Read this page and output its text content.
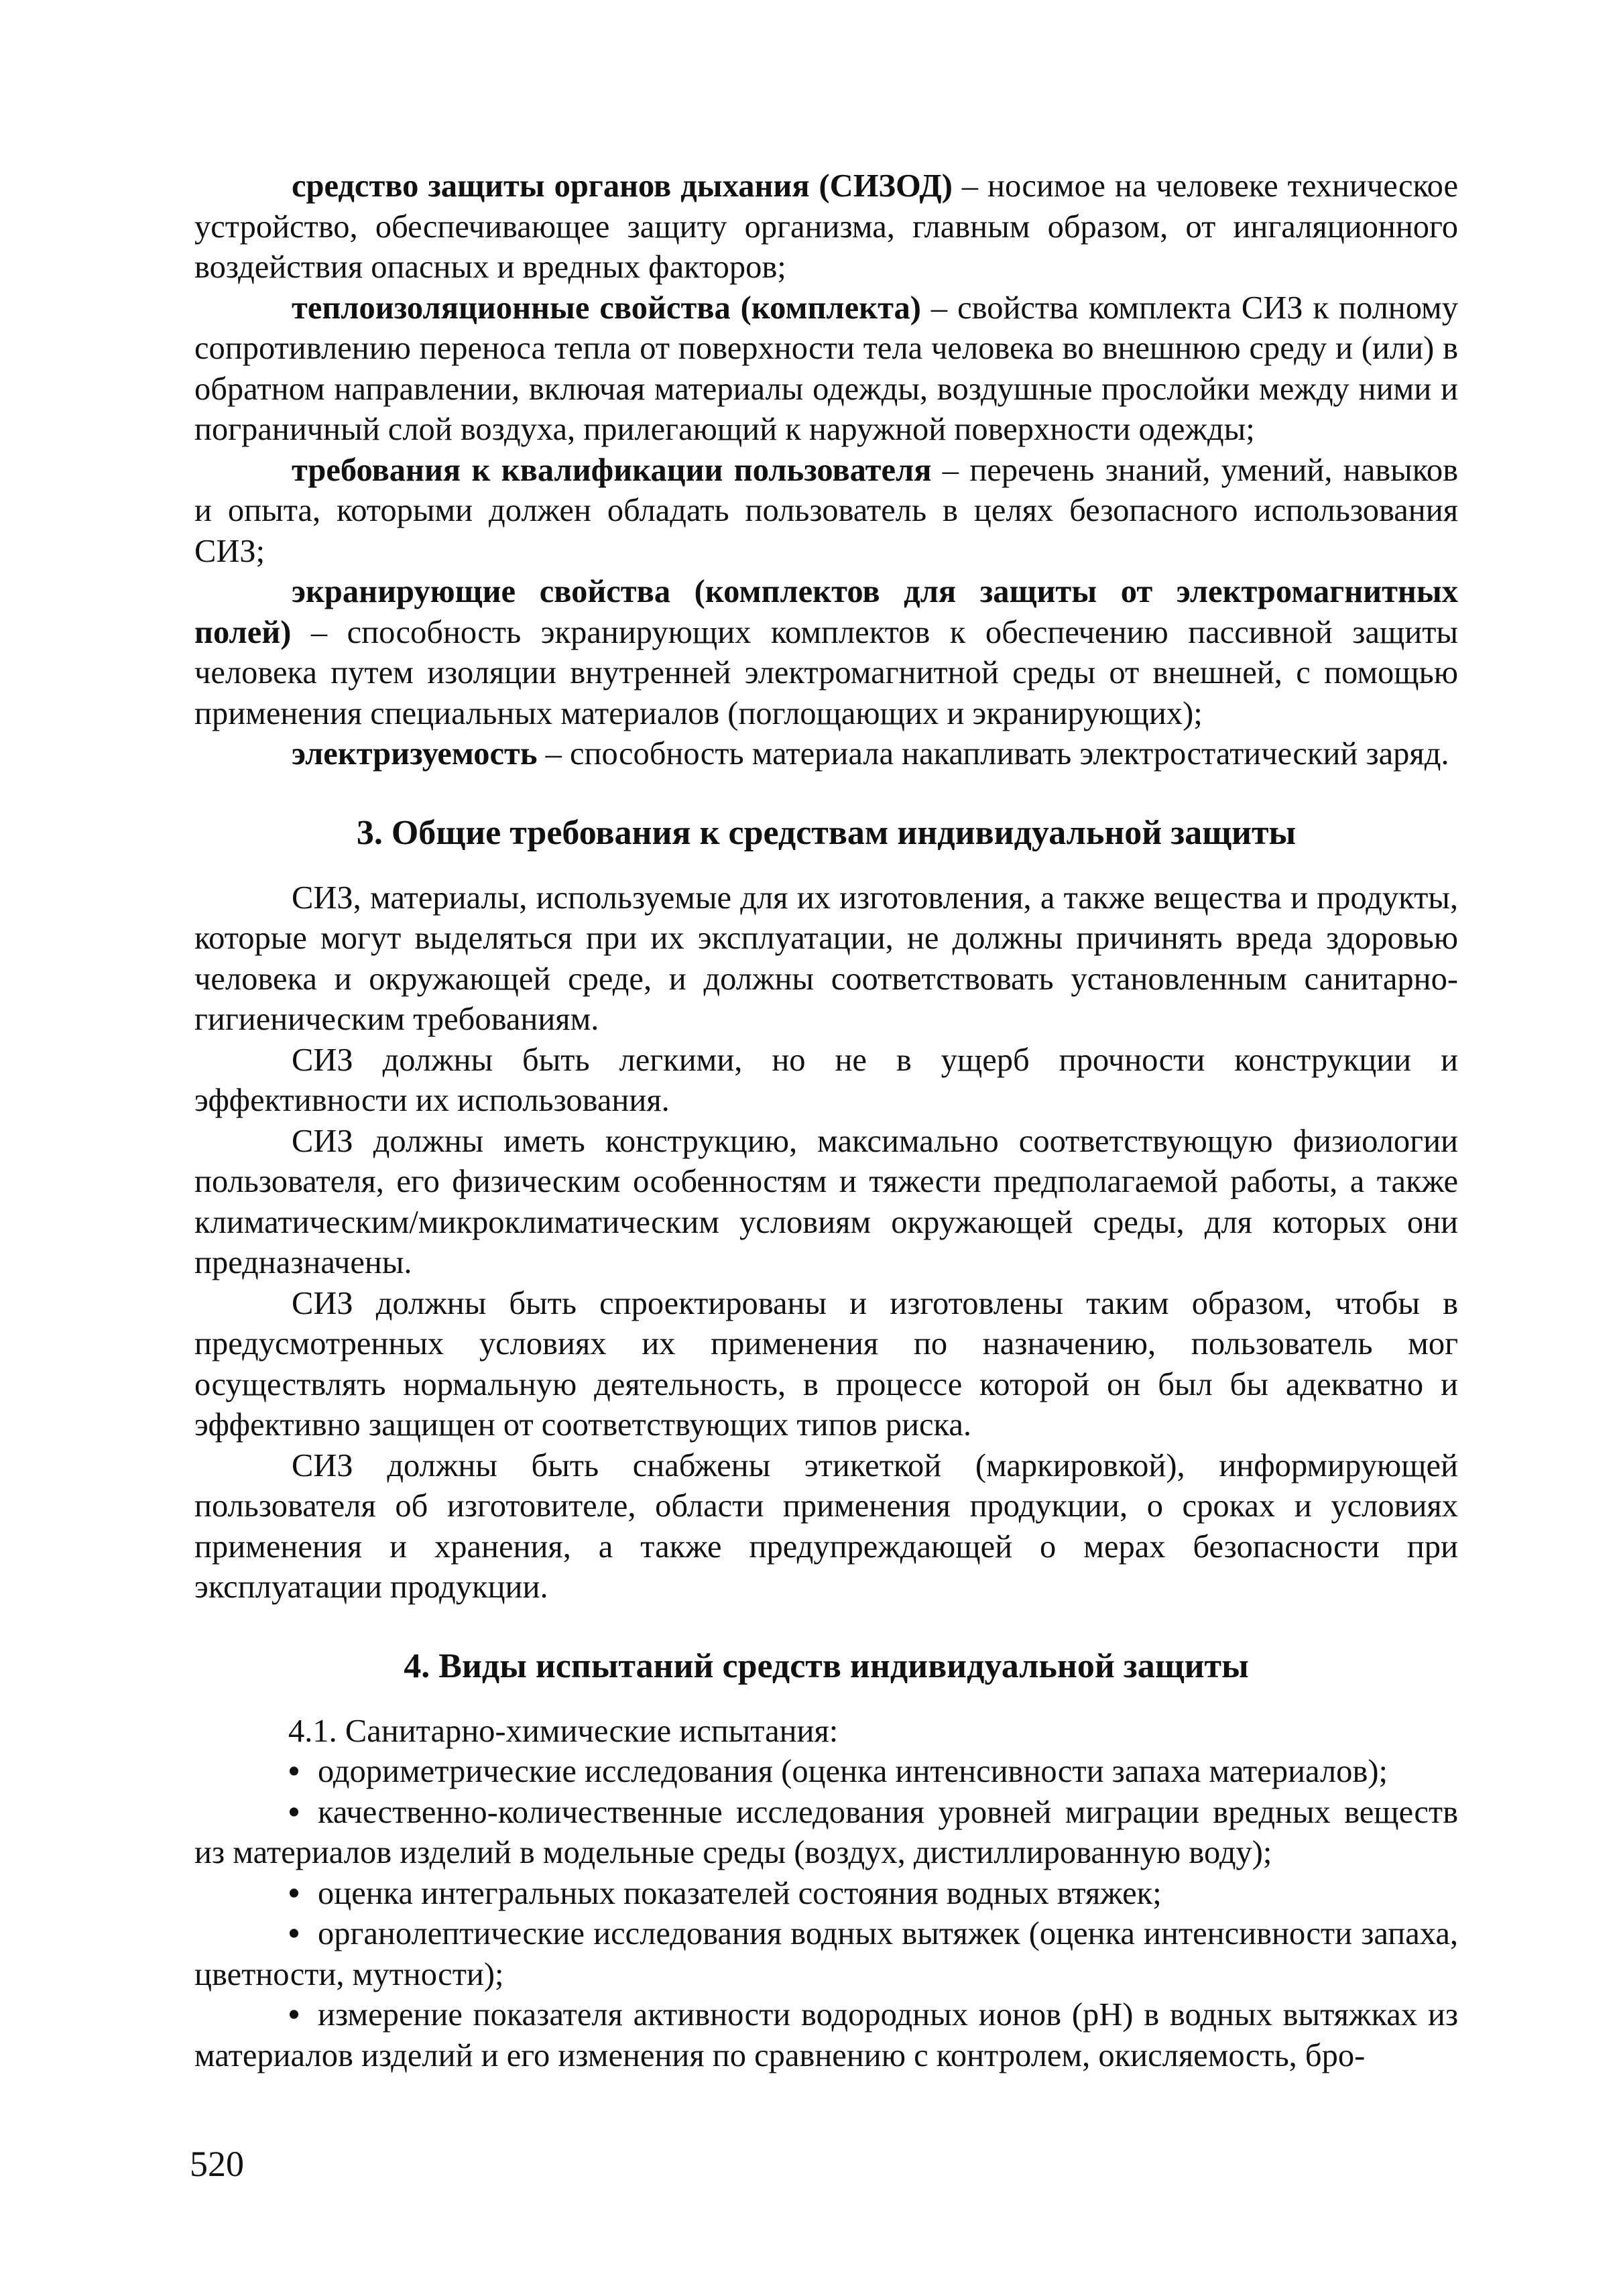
средство защиты органов дыхания (СИЗОД) – носимое на человеке техническое устройство, обеспечивающее защиту организма, главным образом, от ингаляционного воздействия опасных и вредных факторов;

теплоизоляционные свойства (комплекта) – свойства комплекта СИЗ к полному сопротивлению переноса тепла от поверхности тела человека во внешнюю среду и (или) в обратном направлении, включая материалы одежды, воздушные прослойки между ними и пограничный слой воздуха, прилегающий к наружной поверхности одежды;

требования к квалификации пользователя – перечень знаний, умений, навыков и опыта, которыми должен обладать пользователь в целях безопасного использования СИЗ;

экранирующие свойства (комплектов для защиты от электромагнитных полей) – способность экранирующих комплектов к обеспечению пассивной защиты человека путем изоляции внутренней электромагнитной среды от внешней, с помощью применения специальных материалов (поглощающих и экранирующих);

электризуемость – способность материала накапливать электростатический заряд.

3. Общие требования к средствам индивидуальной защиты

СИЗ, материалы, используемые для их изготовления, а также вещества и продукты, которые могут выделяться при их эксплуатации, не должны причинять вреда здоровью человека и окружающей среде, и должны соответствовать установленным санитарно-гигиеническим требованиям.

СИЗ должны быть легкими, но не в ущерб прочности конструкции и эффективности их использования.

СИЗ должны иметь конструкцию, максимально соответствующую физиологии пользователя, его физическим особенностям и тяжести предполагаемой работы, а также климатическим/микроклиматическим условиям окружающей среды, для которых они предназначены.

СИЗ должны быть спроектированы и изготовлены таким образом, чтобы в предусмотренных условиях их применения по назначению, пользователь мог осуществлять нормальную деятельность, в процессе которой он был бы адекватно и эффективно защищен от соответствующих типов риска.

СИЗ должны быть снабжены этикеткой (маркировкой), информирующей пользователя об изготовителе, области применения продукции, о сроках и условиях применения и хранения, а также предупреждающей о мерах безопасности при эксплуатации продукции.

4. Виды испытаний средств индивидуальной защиты

4.1. Санитарно-химические испытания:

• одориметрические исследования (оценка интенсивности запаха материалов);

• качественно-количественные исследования уровней миграции вредных веществ из материалов изделий в модельные среды (воздух, дистиллированную воду);

• оценка интегральных показателей состояния водных втяжек;

• органолептические исследования водных вытяжек (оценка интенсивности запаха, цветности, мутности);

• измерение показателя активности водородных ионов (pH) в водных вытяжках из материалов изделий и его изменения по сравнению с контролем, окисляемость, бро-

520
